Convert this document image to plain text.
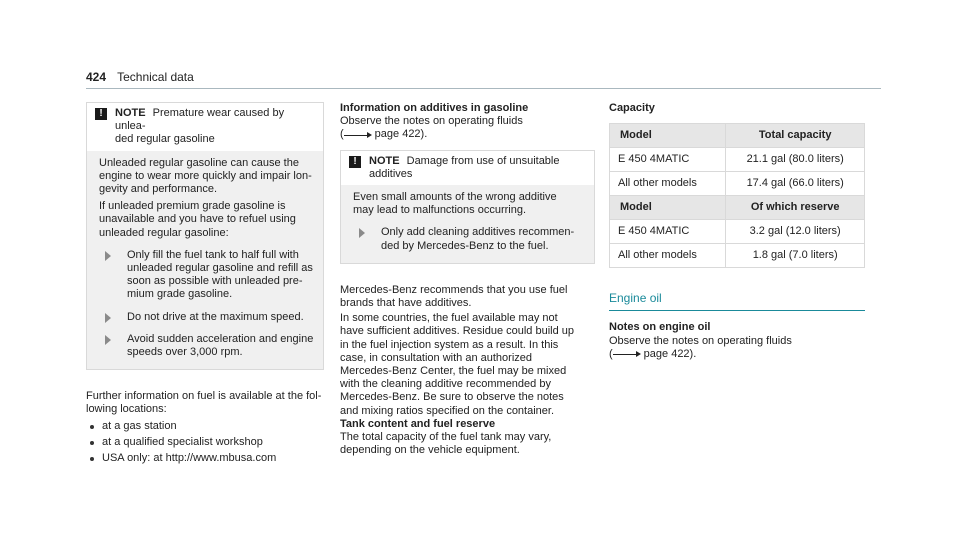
424 Technical data
!	NOTE Premature wear caused by unlea-
ded regular gasoline
Unleaded regular gasoline can cause the
engine to wear more quickly and impair lon-
gevity and performance.
If unleaded premium grade gasoline is
unavailable and you have to refuel using
unleaded regular gasoline:
Only fill the fuel tank to half full with
unleaded regular gasoline and refill as
soon as possible with unleaded pre-
mium grade gasoline.
Do not drive at the maximum speed.
Avoid sudden acceleration and engine
speeds over 3,000 rpm.
Further information on fuel is available at the fol-
lowing locations:
at a gas station
at a qualified specialist workshop
USA only: at http://www.mbusa.com
Information on additives in gasoline
Observe the notes on operating fluids
(	page 422).
!	NOTE Damage from use of unsuitable
additives
Even small amounts of the wrong additive
may lead to malfunctions occurring.
Only add cleaning additives recommen-
ded by Mercedes-Benz to the fuel.
Mercedes-Benz recommends that you use fuel
brands that have additives.
In some countries, the fuel available may not
have sufficient additives. Residue could build up
in the fuel injection system as a result. In this
case, in consultation with an authorized
Mercedes-Benz Center, the fuel may be mixed
with the cleaning additive recommended by
Mercedes-Benz. Be sure to observe the notes
and mixing ratios specified on the container.
Tank content and fuel reserve
The total capacity of the fuel tank may vary,
depending on the vehicle equipment.
Capacity
Model	Total capacity
E 450 4MATIC	21.1 gal (80.0 liters)
All other models	17.4 gal (66.0 liters)
Model	Of which reserve
E 450 4MATIC	3.2 gal (12.0 liters)
All other models	1.8 gal (7.0 liters)
Engine oil
Notes on engine oil
Observe the notes on operating fluids
(	page 422).
